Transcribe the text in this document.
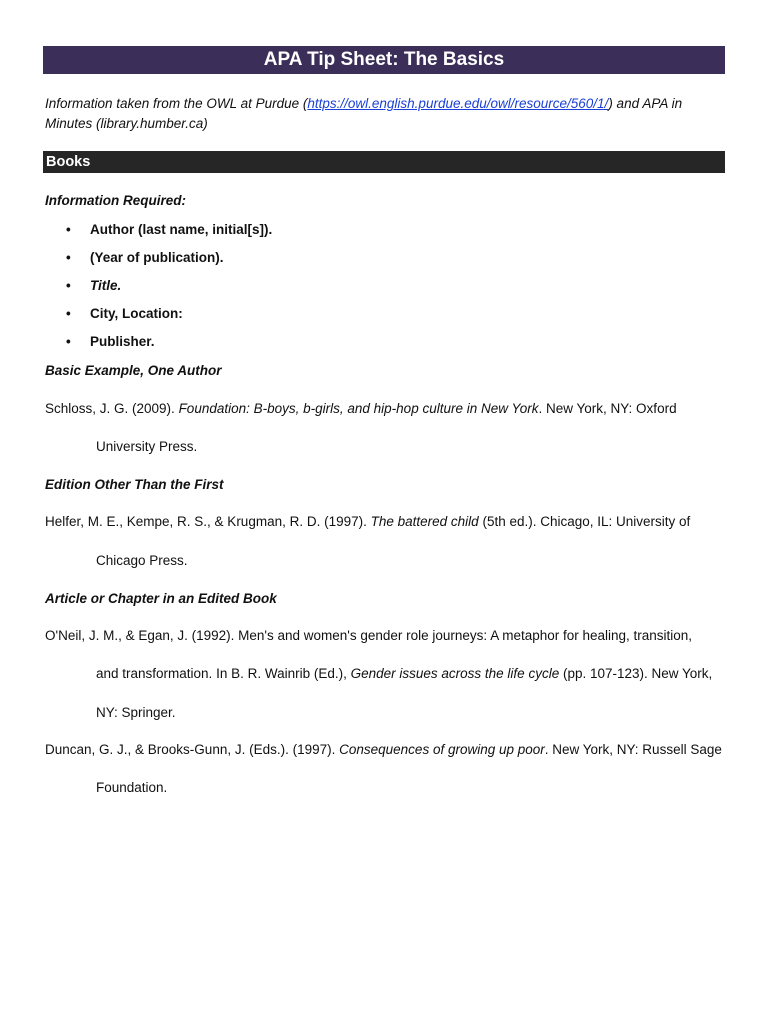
APA Tip Sheet: The Basics
Information taken from the OWL at Purdue (https://owl.english.purdue.edu/owl/resource/560/1/) and APA in
Minutes (library.humber.ca)
Books
Information Required:
• Author (last name, initial[s]).
• (Year of publication).
• Title.
• City, Location:
• Publisher.
Basic Example, One Author
Schloss, J. G. (2009). Foundation: B-boys, b-girls, and hip-hop culture in New York. New York, NY: Oxford
University Press.
Edition Other Than the First
Helfer, M. E., Kempe, R. S., & Krugman, R. D. (1997). The battered child (5th ed.). Chicago, IL: University of
Chicago Press.
Article or Chapter in an Edited Book
O'Neil, J. M., & Egan, J. (1992). Men's and women's gender role journeys: A metaphor for healing, transition,
and transformation. In B. R. Wainrib (Ed.), Gender issues across the life cycle (pp. 107-123). New York,
NY: Springer.
Duncan, G. J., & Brooks-Gunn, J. (Eds.). (1997). Consequences of growing up poor. New York, NY: Russell Sage
Foundation.
